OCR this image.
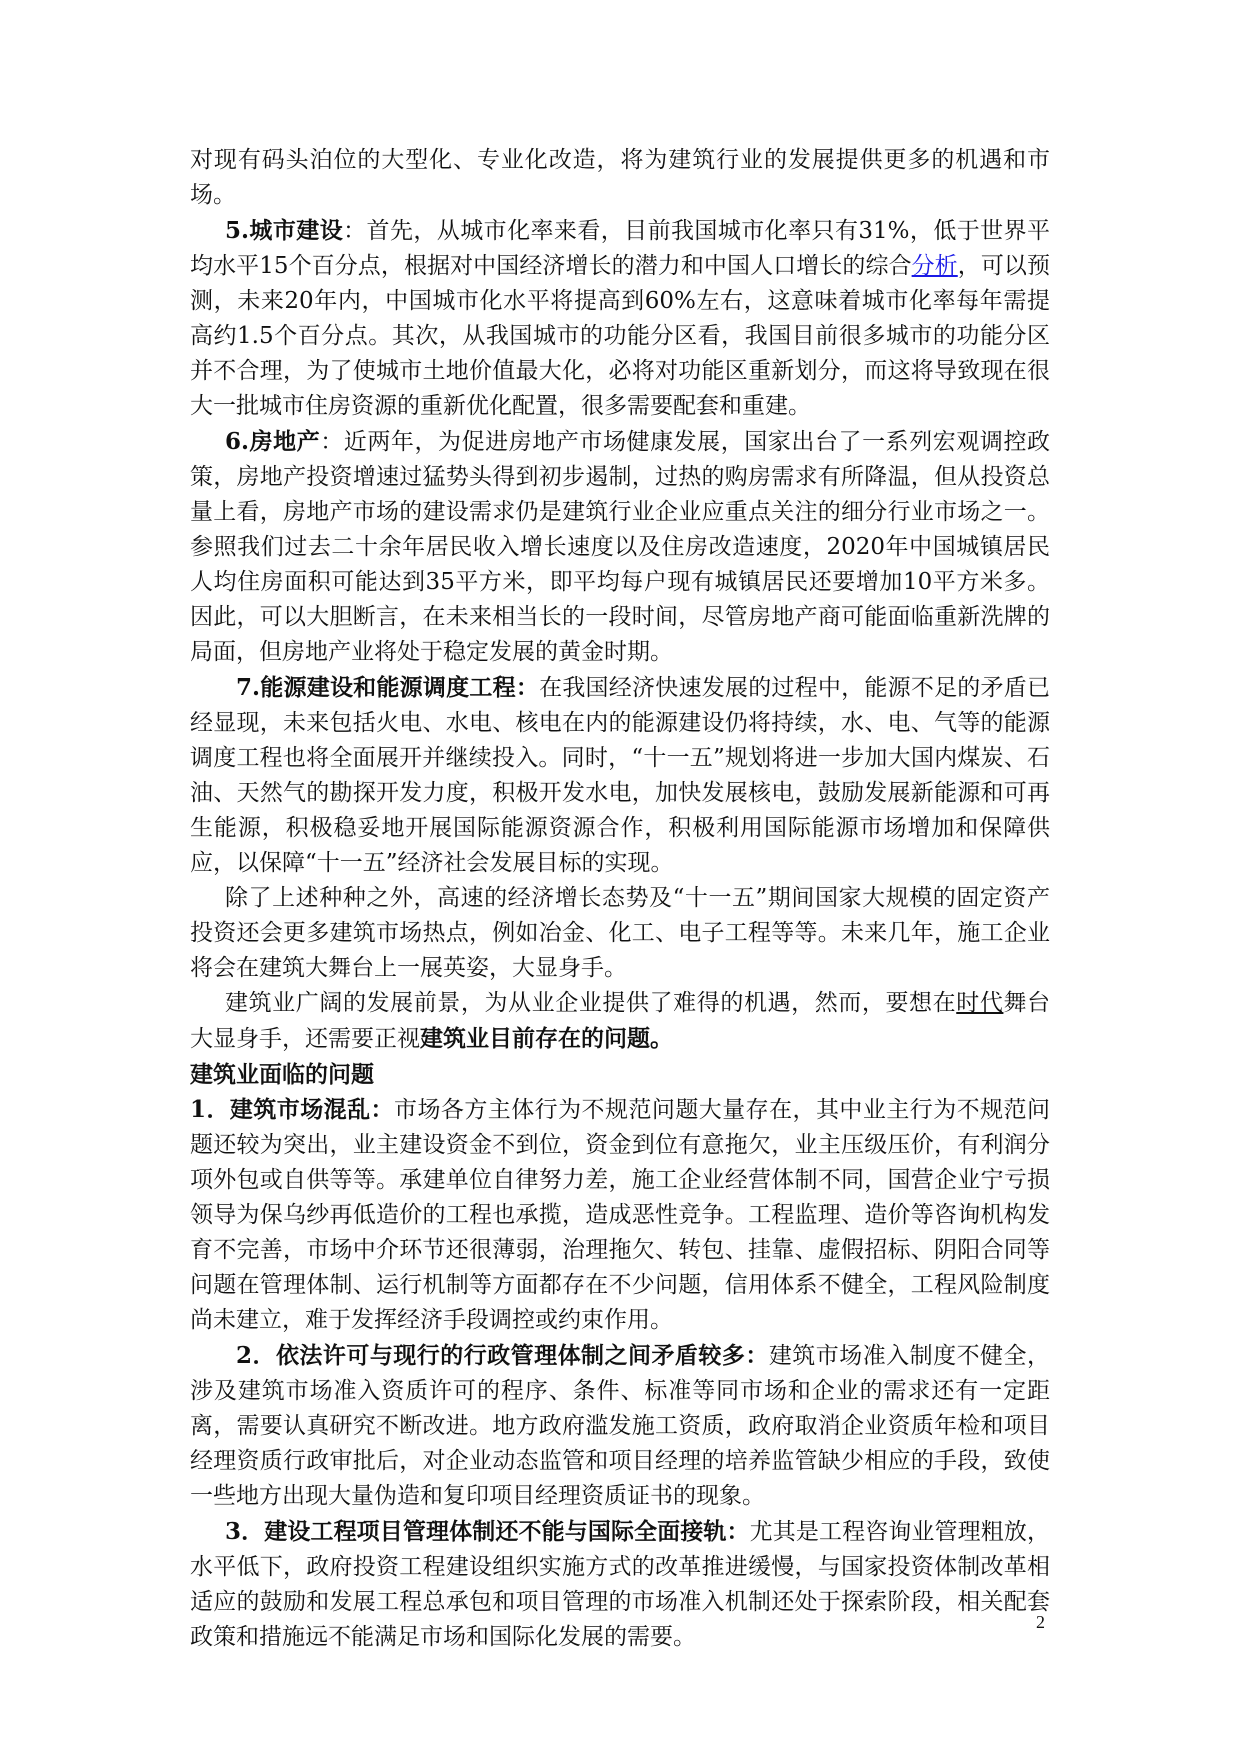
对现有码头泊位的大型化、专业化改造，将为建筑行业的发展提供更多的机遇和市场。

5.城市建设：首先，从城市化率来看，目前我国城市化率只有31%，低于世界平均水平15个百分点，根据对中国经济增长的潜力和中国人口增长的综合分析，可以预测，未来20年内，中国城市化水平将提高到60%左右，这意味着城市化率每年需提高约1.5个百分点。其次，从我国城市的功能分区看，我国目前很多城市的功能分区并不合理，为了使城市土地价值最大化，必将对功能区重新划分，而这将导致现在很大一批城市住房资源的重新优化配置，很多需要配套和重建。

6.房地产：近两年，为促进房地产市场健康发展，国家出台了一系列宏观调控政策，房地产投资增速过猛势头得到初步遏制，过热的购房需求有所降温，但从投资总量上看，房地产市场的建设需求仍是建筑行业企业应重点关注的细分行业市场之一。参照我们过去二十余年居民收入增长速度以及住房改造速度，2020年中国城镇居民人均住房面积可能达到35平方米，即平均每户现有城镇居民还要增加10平方米多。因此，可以大胆断言，在未来相当长的一段时间，尽管房地产商可能面临重新洗牌的局面，但房地产业将处于稳定发展的黄金时期。

7.能源建设和能源调度工程：在我国经济快速发展的过程中，能源不足的矛盾已经显现，未来包括火电、水电、核电在内的能源建设仍将持续，水、电、气等的能源调度工程也将全面展开并继续投入。同时，“十一五”规划将进一步加大国内煤炭、石油、天然气的勘探开发力度，积极开发水电，加快发展核电，鼓励发展新能源和可再生能源，积极稳妥地开展国际能源资源合作，积极利用国际能源市场增加和保障供应，以保障“十一五”经济社会发展目标的实现。

除了上述种种之外，高速的经济增长态势及“十一五”期间国家大规模的固定资产投资还会更多建筑市场热点，例如冶金、化工、电子工程等等。未来几年，施工企业将会在建筑大舞台上一展英姿，大显身手。

建筑业广阔的发展前景，为从业企业提供了难得的机遇，然而，要想在时代舞台大显身手，还需要正视建筑业目前存在的问题。

建筑业面临的问题

1．建筑市场混乱：市场各方主体行为不规范问题大量存在，其中业主行为不规范问题还较为突出，业主建设资金不到位，资金到位有意拖欠，业主压级压价，有利润分项外包或自供等等。承建单位自律努力差，施工企业经营体制不同，国营企业宁亏损领导为保乌纱再低造价的工程也承揽，造成恶性竞争。工程监理、造价等咨询机构发育不完善，市场中介环节还很薄弱，治理拖欠、转包、挂靠、虚假招标、阴阳合同等问题在管理体制、运行机制等方面都存在不少问题，信用体系不健全，工程风险制度尚未建立，难于发挥经济手段调控或约束作用。

2．依法许可与现行的行政管理体制之间矛盾较多：建筑市场准入制度不健全，涉及建筑市场准入资质许可的程序、条件、标准等同市场和企业的需求还有一定距离，需要认真研究不断改进。地方政府滥发施工资质，政府取消企业资质年检和项目经理资质行政审批后，对企业动态监管和项目经理的培养监管缺少相应的手段，致使一些地方出现大量伪造和复印项目经理资质证书的现象。

3．建设工程项目管理体制还不能与国际全面接轨：尤其是工程咨询业管理粗放，水平低下，政府投资工程建设组织实施方式的改革推进缓慢，与国家投资体制改革相适应的鼓励和发展工程总承包和项目管理的市场准入机制还处于探索阶段，相关配套政策和措施远不能满足市场和国际化发展的需要。

2
